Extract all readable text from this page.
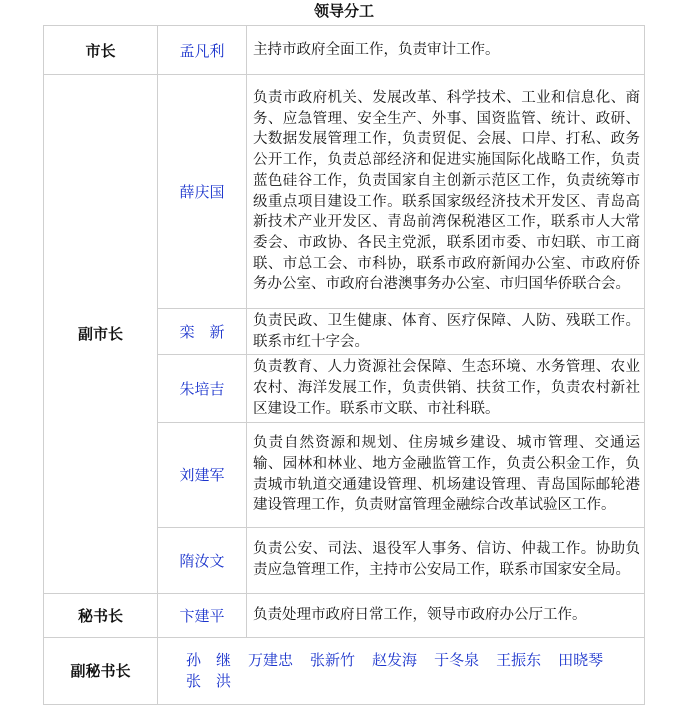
领导分工
市长	孟凡利	主持市政府全面工作，负责审计工作。
副市长	薛庆国	负责市政府机关、发展改革、科学技术、工业和信息化、商务、应急管理、安全生产、外事、国资监管、统计、政研、大数据发展管理工作，负责贸促、会展、口岸、打私、政务公开工作，负责总部经济和促进实施国际化战略工作，负责蓝色硅谷工作，负责国家自主创新示范区工作，负责统筹市级重点项目建设工作。联系国家级经济技术开发区、青岛高新技术产业开发区、青岛前湾保税港区工作，联系市人大常委会、市政协、各民主党派，联系团市委、市妇联、市工商联、市总工会、市科协，联系市政府新闻办公室、市政府侨务办公室、市政府台港澳事务办公室、市归国华侨联合会。
	栾　新	负责民政、卫生健康、体育、医疗保障、人防、残联工作。联系市红十字会。
	朱培吉	负责教育、人力资源社会保障、生态环境、水务管理、农业农村、海洋发展工作，负责供销、扶贫工作，负责农村新社区建设工作。联系市文联、市社科联。
	刘建军	负责自然资源和规划、住房城乡建设、城市管理、交通运输、园林和林业、地方金融监管工作，负责公积金工作，负责城市轨道交通建设管理、机场建设管理、青岛国际邮轮港建设管理工作，负责财富管理金融综合改革试验区工作。
	隋汝文	负责公安、司法、退役军人事务、信访、仲裁工作。协助负责应急管理工作，主持市公安局工作，联系市国家安全局。
秘书长	卞建平	负责处理市政府日常工作，领导市政府办公厅工作。
副秘书长	孙　继 万建忠 张新竹 赵发海 于冬泉 王振东 田晓琴张　洪	
